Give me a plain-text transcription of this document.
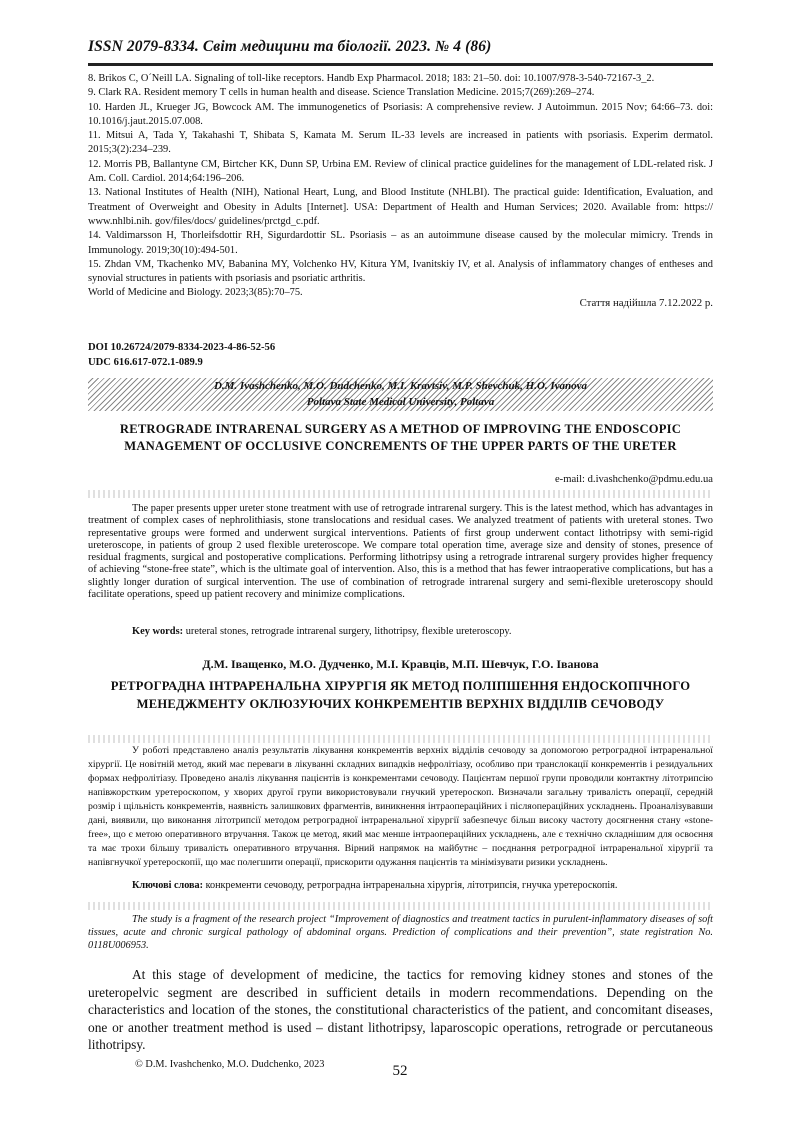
ISSN 2079-8334. Світ медицини та біології. 2023. № 4 (86)
8. Brikos C, O´Neill LA. Signaling of toll-like receptors. Handb Exp Pharmacol. 2018; 183: 21–50. doi: 10.1007/978-3-540-72167-3_2.
9. Clark RA. Resident memory T cells in human health and disease. Science Translation Medicine. 2015;7(269):269–274.
10. Harden JL, Krueger JG, Bowcock AM. The immunogenetics of Psoriasis: A comprehensive review. J Autoimmun. 2015 Nov; 64:66–73. doi: 10.1016/j.jaut.2015.07.008.
11. Mitsui A, Tada Y, Takahashi T, Shibata S, Kamata M. Serum IL-33 levels are increased in patients with psoriasis. Experim dermatol. 2015;3(2):234–239.
12. Morris PB, Ballantyne CM, Birtcher KK, Dunn SP, Urbina EM. Review of clinical practice guidelines for the management of LDL-related risk. J Am. Coll. Cardiol. 2014;64:196–206.
13. National Institutes of Health (NIH), National Heart, Lung, and Blood Institute (NHLBI). The practical guide: Identification, Evaluation, and Treatment of Overweight and Obesity in Adults [Internet]. USA: Department of Health and Human Services; 2020. Available from: https:// www.nhlbi.nih. gov/files/docs/ guidelines/prctgd_c.pdf.
14. Valdimarsson H, Thorleifsdottir RH, Sigurdardottir SL. Psoriasis – as an autoimmune disease caused by the molecular mimicry. Trends in Immunology. 2019;30(10):494-501.
15. Zhdan VM, Tkachenko MV, Babanina MY, Volchenko HV, Kitura YM, Ivanitskiy IV, et al. Analysis of inflammatory changes of entheses and synovial structures in patients with psoriasis and psoriatic arthritis.
World of Medicine and Biology. 2023;3(85):70–75.
Стаття надійшла 7.12.2022 р.
DOI 10.26724/2079-8334-2023-4-86-52-56
UDC 616.617-072.1-089.9
D.M. Ivashchenko, M.O. Dudchenko, M.I. Kravtsiv, M.P. Shevchuk, H.O. Ivanova
Poltava State Medical University, Poltava
RETROGRADE INTRARENAL SURGERY AS A METHOD OF IMPROVING THE ENDOSCOPIC MANAGEMENT OF OCCLUSIVE CONCREMENTS OF THE UPPER PARTS OF THE URETER
e-mail: d.ivashchenko@pdmu.edu.ua
The paper presents upper ureter stone treatment with use of retrograde intrarenal surgery. This is the latest method, which has advantages in treatment of complex cases of nephrolithiasis, stone translocations and residual cases. We analyzed treatment of patients with ureteral stones. Two representative groups were formed and underwent surgical interventions. Patients of first group underwent contact lithotripsy with semi-rigid ureteroscope, in patients of group 2 used flexible ureteroscope. We compare total operation time, average size and density of stones, presence of residual fragments, surgical and postoperative complications. Performing lithotripsy using a retrograde intrarenal surgery provides higher frequency of achieving “stone-free state”, which is the ultimate goal of intervention. Also, this is a method that has fewer intraoperative complications, but has a slightly longer duration of surgical intervention. The use of combination of retrograde intrarenal surgery and semi-flexible ureteroscopy should facilitate operations, speed up patient recovery and minimize complications.
Key words: ureteral stones, retrograde intrarenal surgery, lithotripsy, flexible ureteroscopy.
Д.М. Іващенко, М.О. Дудченко, М.І. Кравців, М.П. Шевчук, Г.О. Іванова
РЕТРОГРАДНА ІНТРАРЕНАЛЬНА ХІРУРГІЯ ЯК МЕТОД ПОЛІПШЕННЯ ЕНДОСКОПІЧНОГО МЕНЕДЖМЕНТУ ОКЛЮЗУЮЧИХ КОНКРЕМЕНТІВ ВЕРХНІХ ВІДДІЛІВ СЕЧОВОДУ
У роботі представлено аналіз результатів лікування конкрементів верхніх відділів сечоводу за допомогою ретроградної інтраренальної хірургії. Це новітній метод, який має переваги в лікуванні складних випадків нефролітіазу, особливо при транслокації конкрементів і резидуальних формах нефролітіазу. Проведено аналіз лікування пацієнтів із конкрементами сечоводу. Пацієнтам першої групи проводили контактну літотрипсію напівжорстким уретероскопом, у хворих другої групи використовували гнучкий уретероскоп. Визначали загальну тривалість операції, середній розмір і щільність конкрементів, наявність залишкових фрагментів, виникнення інтраопераційних і післяопераційних ускладнень. Проаналізувавши дані, виявили, що виконання літотрипсії методом ретроградної інтраренальної хірургії забезпечує більш високу частоту досягнення стану «stone-free», що є метою оперативного втручання. Також це метод, який має менше інтраопераційних ускладнень, але є технічно складнішим для освоєння та має трохи більшу тривалість оперативного втручання. Вірний напрямок на майбутнє – поєднання ретроградної інтраренальної хірургії та напівгнучкої уретероскопії, що має полегшити операції, прискорити одужання пацієнтів та мінімізувати ризики ускладнень.
Ключові слова: конкременти сечоводу, ретроградна інтраренальна хірургія, літотрипсія, гнучка уретероскопія.
The study is a fragment of the research project “Improvement of diagnostics and treatment tactics in purulent-inflammatory diseases of soft tissues, acute and chronic surgical pathology of abdominal organs. Prediction of complications and their prevention”, state registration No. 0118U006953.
At this stage of development of medicine, the tactics for removing kidney stones and stones of the ureteropelvic segment are described in sufficient details in modern recommendations. Depending on the characteristics and location of the stones, the constitutional characteristics of the patient, and concomitant diseases, one or another treatment method is used – distant lithotripsy, laparoscopic operations, retrograde or percutaneous lithotripsy.
© D.M. Ivashchenko, M.O. Dudchenko, 2023	52
